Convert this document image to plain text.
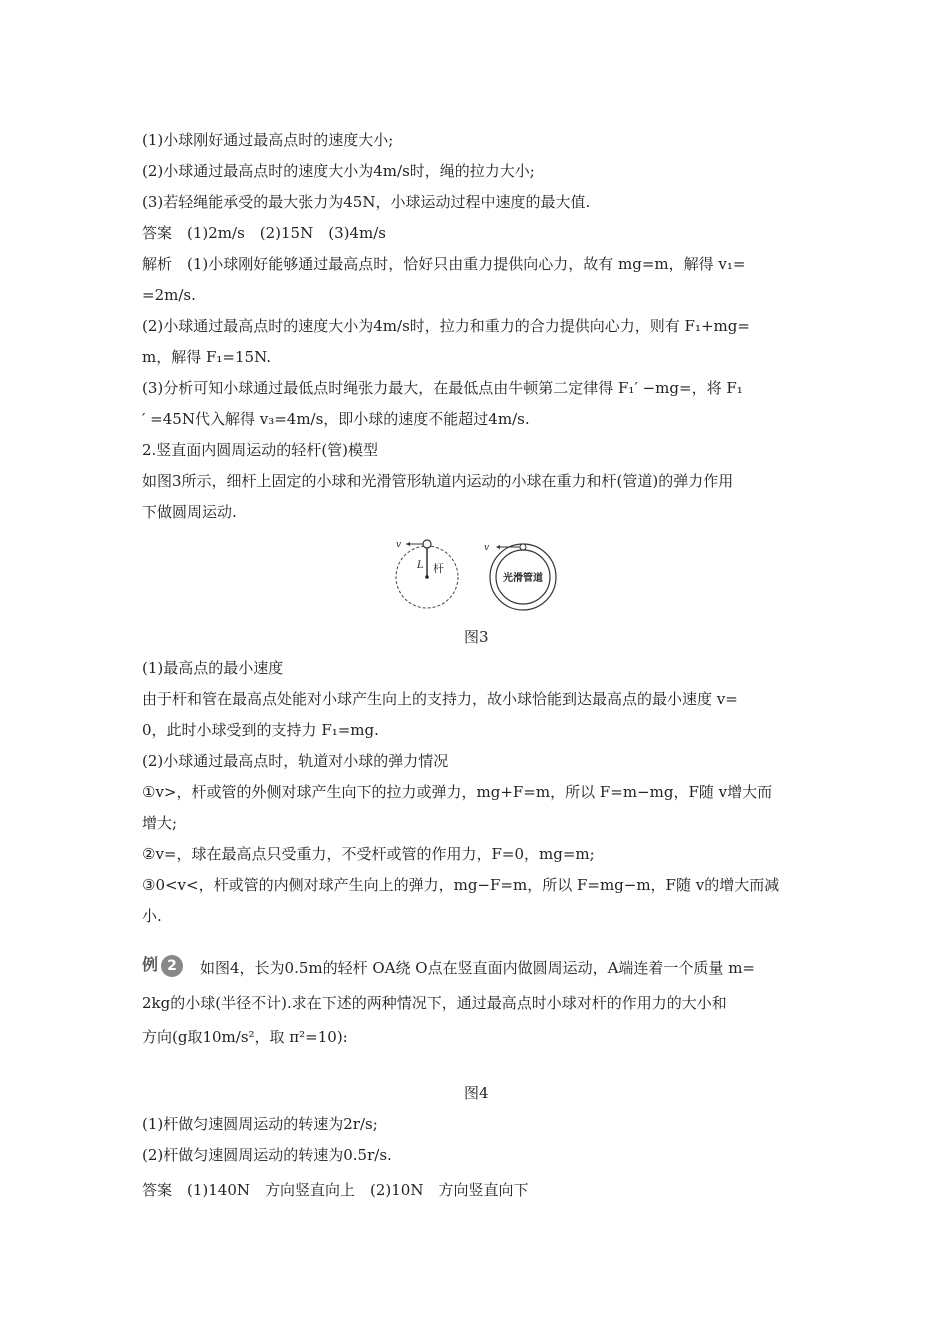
(1)小球刚好通过最高点时的速度大小;
(2)小球通过最高点时的速度大小为4m/s时，绳的拉力大小;
(3)若轻绳能承受的最大张力为45N，小球运动过程中速度的最大值.
答案　(1)2m/s　(2)15N　(3)4m/s
解析　(1)小球刚好能够通过最高点时，恰好只由重力提供向心力，故有 mg=m，解得 v₁=
=2m/s.
(2)小球通过最高点时的速度大小为4m/s时，拉力和重力的合力提供向心力，则有 F₁+mg=
m，解得 F₁=15N.
(3)分析可知小球通过最低点时绳张力最大，在最低点由牛顿第二定律得 F₁′ −mg=，将 F₁
′ =45N代入解得 v₃=4m/s，即小球的速度不能超过4m/s.
2.竖直面内圆周运动的轻杆(管)模型
如图3所示，细杆上固定的小球和光滑管形轨道内运动的小球在重力和杆(管道)的弹力作用
下做圆周运动.
v
L 杆
v
光滑管道
图3
(1)最高点的最小速度
由于杆和管在最高点处能对小球产生向上的支持力，故小球恰能到达最高点的最小速度 v=
0，此时小球受到的支持力 F₁=mg.
(2)小球通过最高点时，轨道对小球的弹力情况
①v>，杆或管的外侧对球产生向下的拉力或弹力，mg+F=m，所以 F=m−mg，F随 v增大而
增大;
②v=，球在最高点只受重力，不受杆或管的作用力，F=0，mg=m;
③0<v<，杆或管的内侧对球产生向上的弹力，mg−F=m，所以 F=mg−m，F随 v的增大而减
小.
例 2	如图4，长为0.5m的轻杆 OA绕 O点在竖直面内做圆周运动，A端连着一个质量 m=
2kg的小球(半径不计).求在下述的两种情况下，通过最高点时小球对杆的作用力的大小和
方向(g取10m/s²，取 π²=10):
图4
(1)杆做匀速圆周运动的转速为2r/s;
(2)杆做匀速圆周运动的转速为0.5r/s.
答案　(1)140N　方向竖直向上　(2)10N　方向竖直向下
